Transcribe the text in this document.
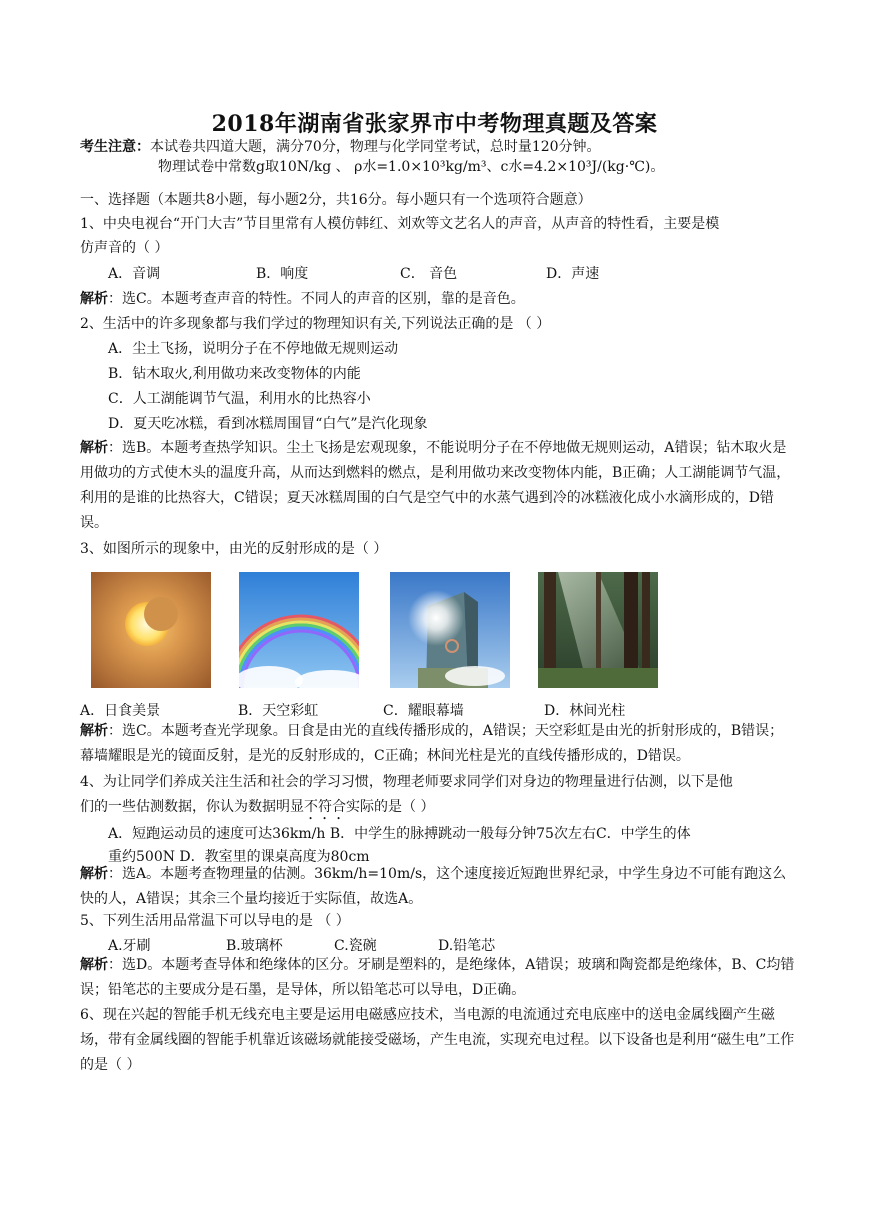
2018年湖南省张家界市中考物理真题及答案
考生注意：本试卷共四道大题，满分70分，物理与化学同堂考试，总时量120分钟。
物理试卷中常数g取10N/kg 、 ρ水=1.0×10³kg/m³、c水=4.2×10³J/(kg·℃)。
一、选择题（本题共8小题，每小题2分，共16分。每小题只有一个选项符合题意）
1、中央电视台“开门大吉”节目里常有人模仿韩红、刘欢等文艺名人的声音，从声音的特性看，主要是模
仿声音的（ ）
A．音调	B．响度	C． 音色	D．声速
解析：选C。本题考查声音的特性。不同人的声音的区别，靠的是音色。
2、生活中的许多现象都与我们学过的物理知识有关,下列说法正确的是 （ ）
A．尘土飞扬，说明分子在不停地做无规则运动
B．钻木取火,利用做功来改变物体的内能
C．人工湖能调节气温，利用水的比热容小
D．夏天吃冰糕，看到冰糕周围冒“白气”是汽化现象
解析：选B。本题考查热学知识。尘土飞扬是宏观现象，不能说明分子在不停地做无规则运动，A错误；钻木取火是用做功的方式使木头的温度升高，从而达到燃料的燃点，是利用做功来改变物体内能，B正确；人工湖能调节气温，利用的是谁的比热容大，C错误；夏天冰糕周围的白气是空气中的水蒸气遇到冷的冰糕液化成小水滴形成的，D错误。
3、如图所示的现象中，由光的反射形成的是（ ）
A．日食美景	B．天空彩虹	C．耀眼幕墙	D．林间光柱
解析：选C。本题考查光学现象。日食是由光的直线传播形成的，A错误；天空彩虹是由光的折射形成的，B错误；幕墙耀眼是光的镜面反射，是光的反射形成的，C正确；林间光柱是光的直线传播形成的，D错误。
4、为让同学们养成关注生活和社会的学习习惯，物理老师要求同学们对身边的物理量进行估测，以下是他
们的一些估测数据，你认为数据明显不符合实际的是（ ）
A．短跑运动员的速度可达36km/h B．中学生的脉搏跳动一般每分钟75次左右C．中学生的体
重约500N D．教室里的课桌高度为80cm
解析：选A。本题考查物理量的估测。36km/h=10m/s，这个速度接近短跑世界纪录，中学生身边不可能有跑这么快的人，A错误；其余三个量均接近于实际值，故选A。
5、下列生活用品常温下可以导电的是 （ ）
A.牙刷	B.玻璃杯	C.瓷碗	D.铅笔芯
解析：选D。本题考查导体和绝缘体的区分。牙刷是塑料的，是绝缘体，A错误；玻璃和陶瓷都是绝缘体，B、C均错误；铅笔芯的主要成分是石墨，是导体，所以铅笔芯可以导电，D正确。
6、现在兴起的智能手机无线充电主要是运用电磁感应技术，当电源的电流通过充电底座中的送电金属线圈产生磁场，带有金属线圈的智能手机靠近该磁场就能接受磁场，产生电流，实现充电过程。以下设备也是利用“磁生电”工作的是（ ）
